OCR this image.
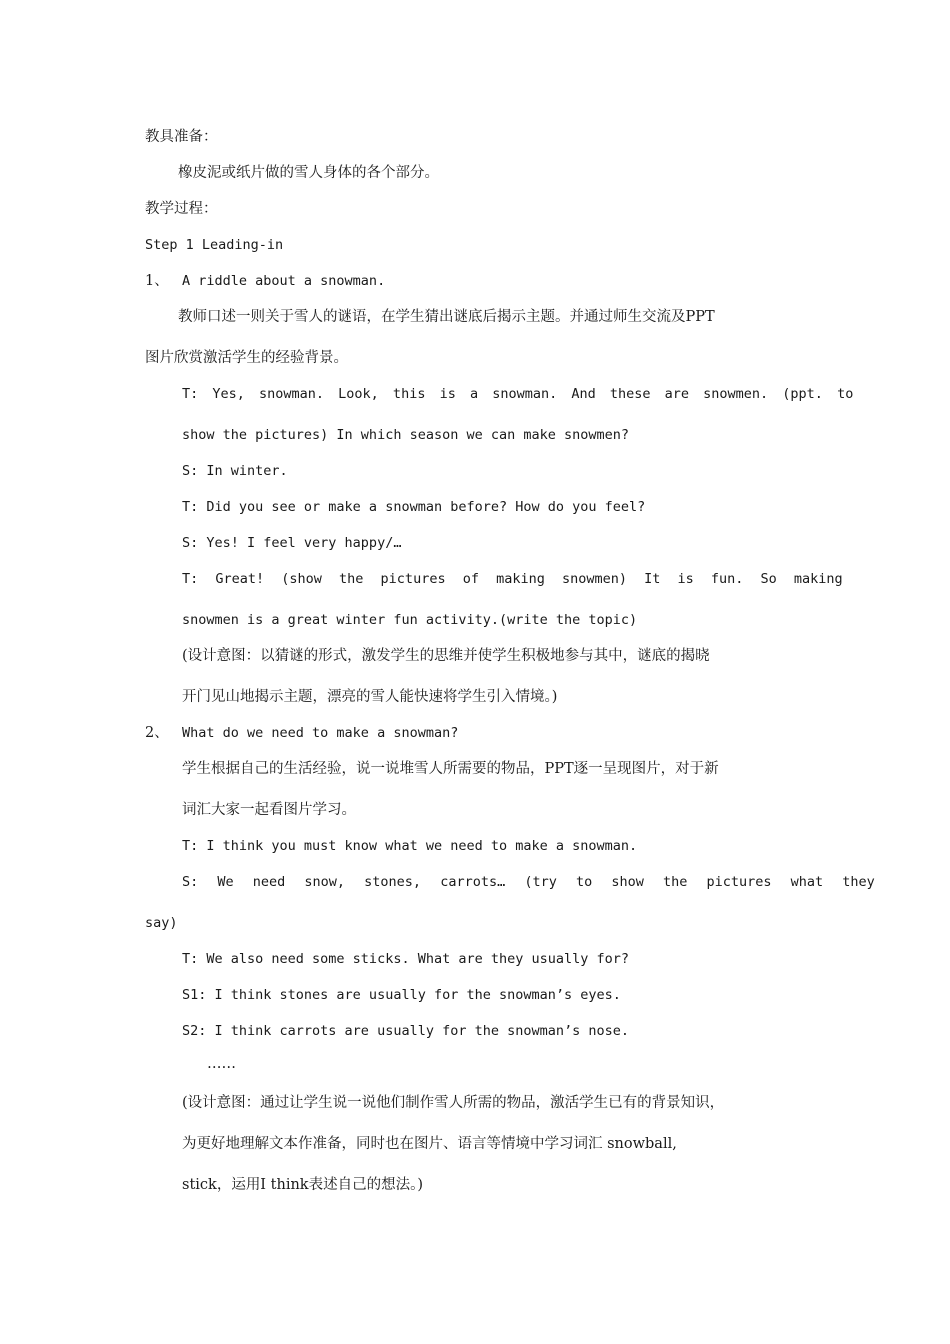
教具准备：
橡皮泥或纸片做的雪人身体的各个部分。
教学过程：
Step 1 Leading-in
1、 A riddle about a snowman.
教师口述一则关于雪人的谜语，在学生猜出谜底后揭示主题。并通过师生交流及PPT
图片欣赏激活学生的经验背景。
T: Yes, snowman. Look, this is a snowman. And these are snowmen. (ppt. to
show the pictures) In which season we can make snowmen?
S: In winter.
T: Did you see or make a snowman before? How do you feel?
S: Yes! I feel very happy/…
T: Great! (show the pictures of making snowmen) It is fun. So making
snowmen is a great winter fun activity.(write the topic)
(设计意图：以猜谜的形式，激发学生的思维并使学生积极地参与其中，谜底的揭晓
开门见山地揭示主题，漂亮的雪人能快速将学生引入情境。)
2、 What do we need to make a snowman?
学生根据自己的生活经验，说一说堆雪人所需要的物品，PPT逐一呈现图片，对于新
词汇大家一起看图片学习。
T: I think you must know what we need to make a snowman.
S: We need snow, stones, carrots… (try to show the pictures what they
say)
T: We also need some sticks. What are they usually for?
S1: I think stones are usually for the snowman’s eyes.
S2: I think carrots are usually for the snowman’s nose.
……
(设计意图：通过让学生说一说他们制作雪人所需的物品，激活学生已有的背景知识，
为更好地理解文本作准备，同时也在图片、语言等情境中学习词汇 snowball,
stick，运用I think表述自己的想法。)
